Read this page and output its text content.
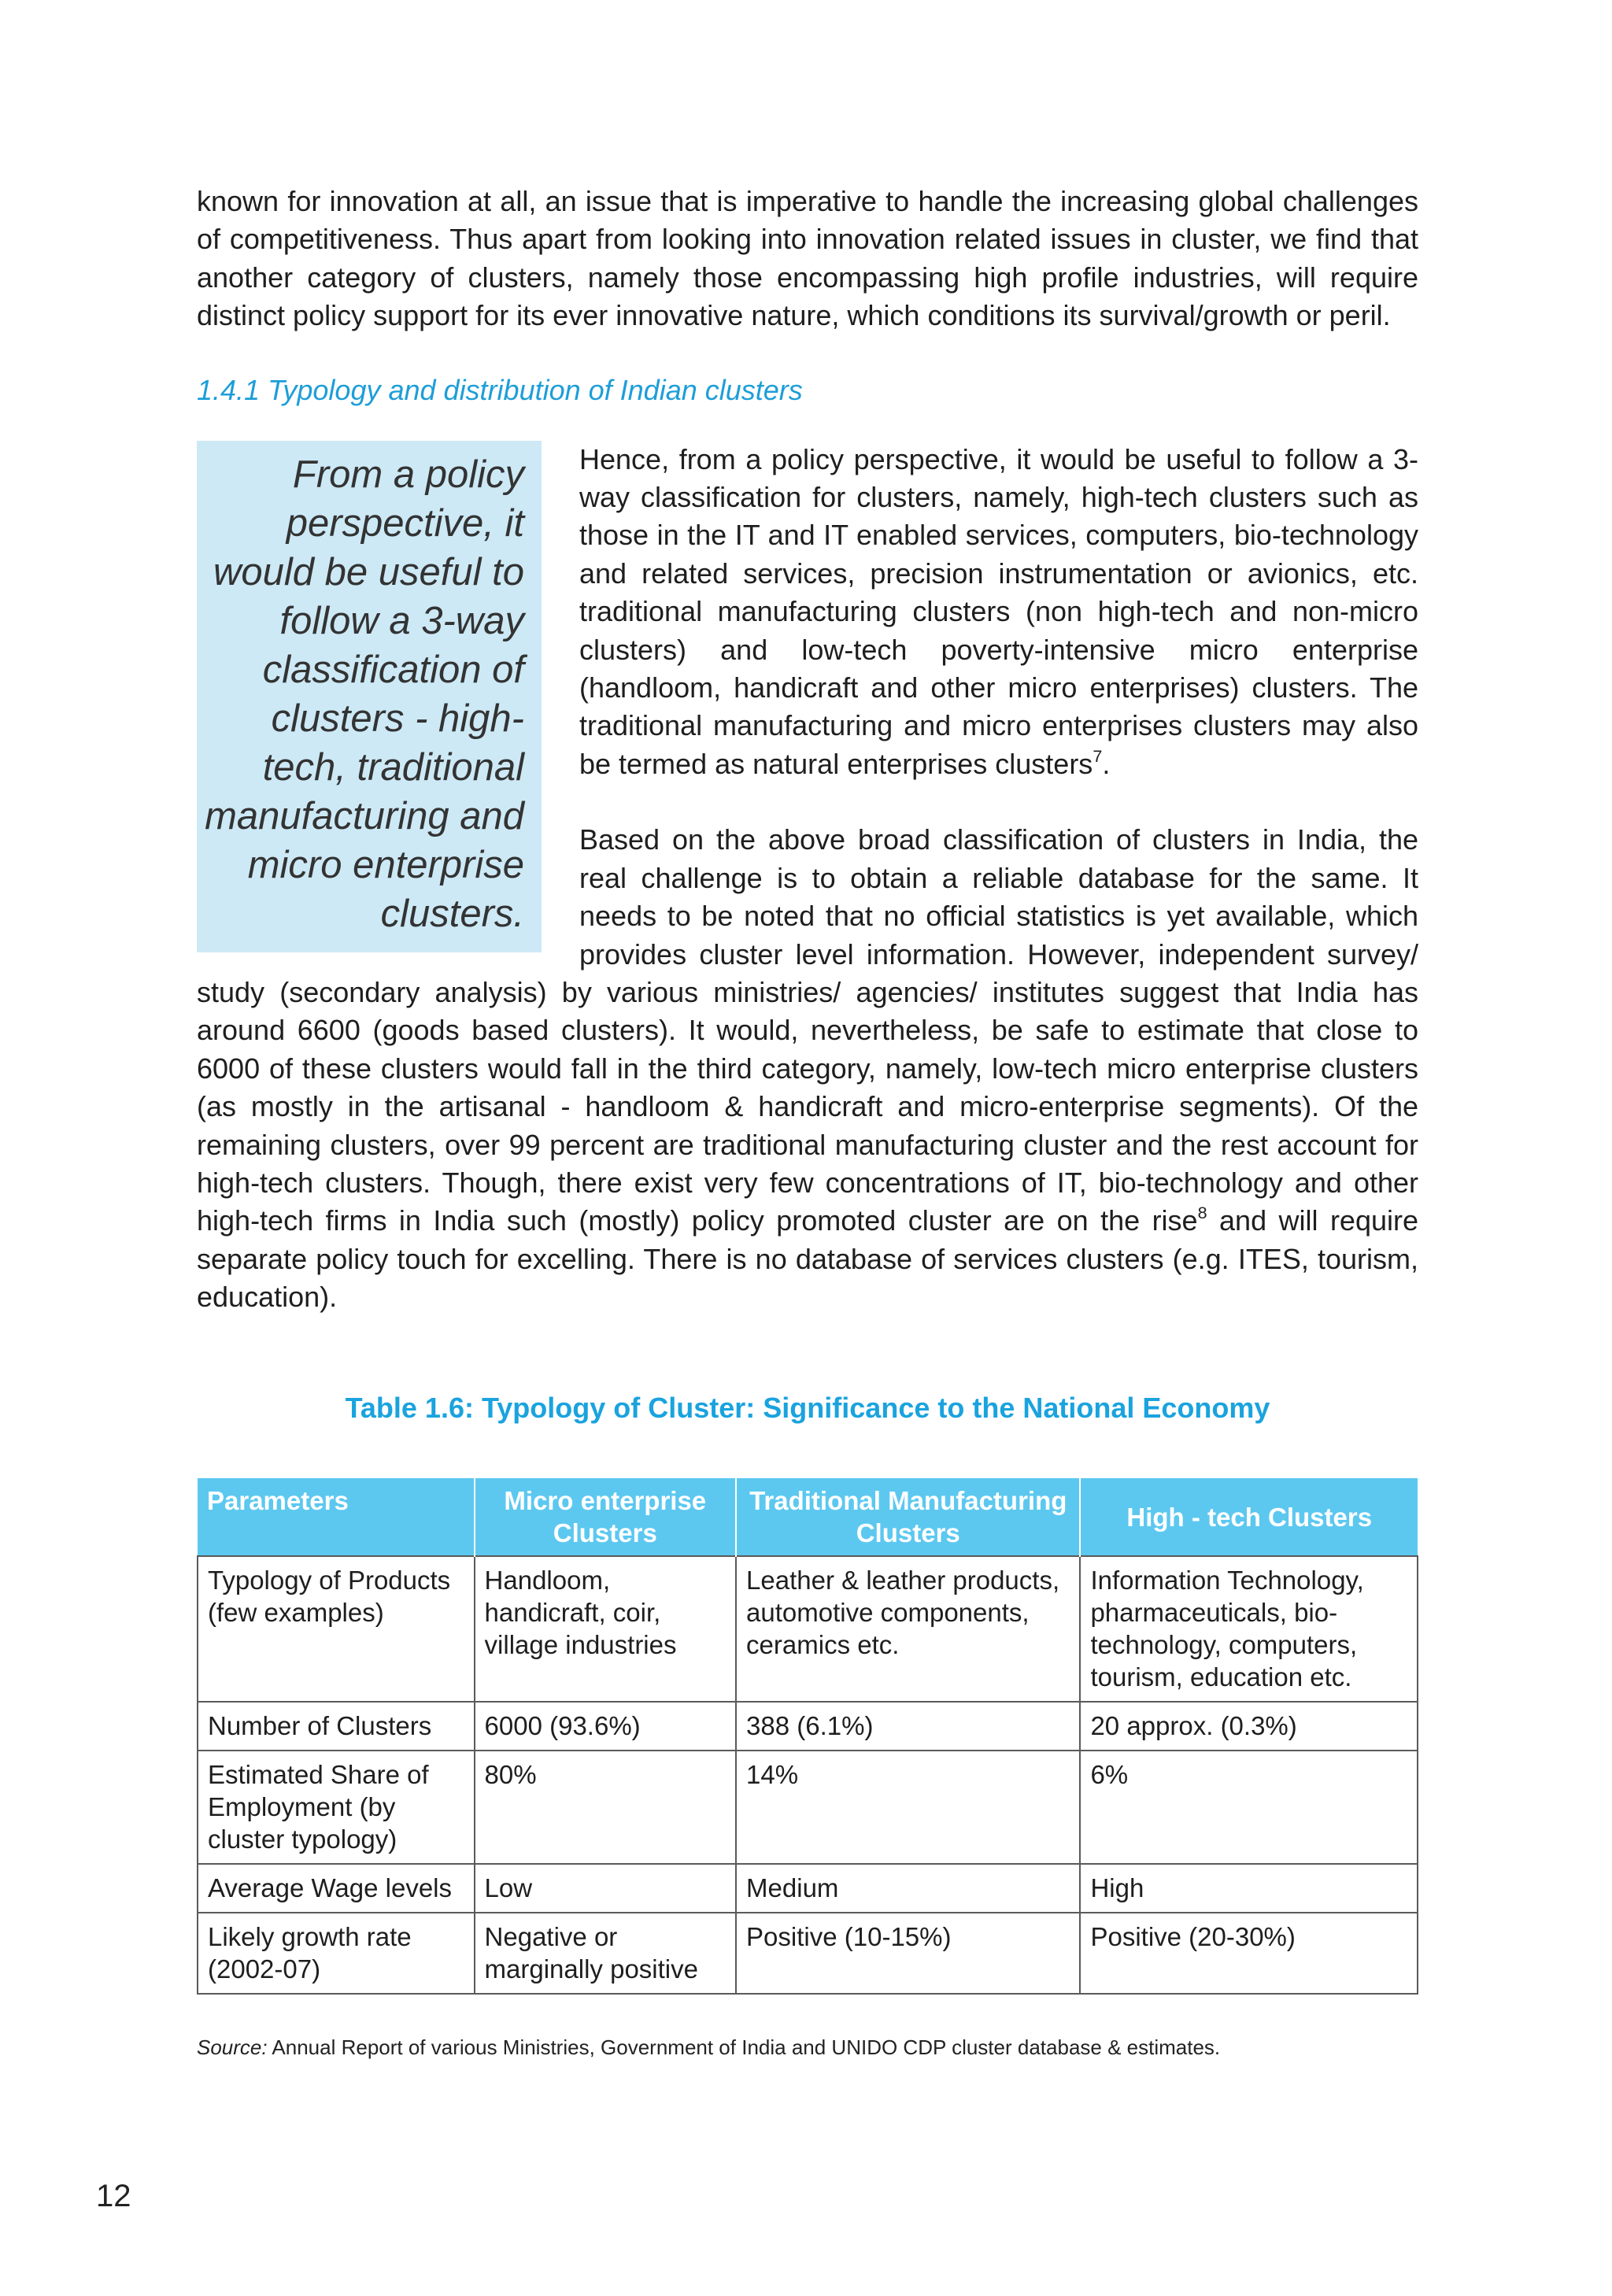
known for innovation at all, an issue that is imperative to handle the increasing global challenges of competitiveness. Thus apart from looking into innovation related issues in cluster, we find that another category of clusters, namely those encompassing high profile industries, will require distinct policy support for its ever innovative nature, which conditions its survival/growth or peril.

1.4.1 Typology and distribution of Indian clusters
From a policy perspective, it would be useful to follow a 3-way classification of clusters - high-tech, traditional manufacturing and micro enterprise clusters.

Hence, from a policy perspective, it would be useful to follow a 3-way classification for clusters, namely, high-tech clusters such as those in the IT and IT enabled services, computers, bio-technology and related services, precision instrumentation or avionics, etc. traditional manufacturing clusters (non high-tech and non-micro clusters) and low-tech poverty-intensive micro enterprise (handloom, handicraft and other micro enterprises) clusters. The traditional manufacturing and micro enterprises clusters may also be termed as natural enterprises clusters$^7$.

Based on the above broad classification of clusters in India, the real challenge is to obtain a reliable database for the same. It needs to be noted that no official statistics is yet available, which provides cluster level information. However, independent survey/ study (secondary analysis) by various ministries/ agencies/ institutes suggest that India has around 6600 (goods based clusters). It would, nevertheless, be safe to estimate that close to 6000 of these clusters would fall in the third category, namely, low-tech micro enterprise clusters (as mostly in the artisanal - handloom & handicraft and micro-enterprise segments). Of the remaining clusters, over 99 percent are traditional manufacturing cluster and the rest account for high-tech clusters. Though, there exist very few concentrations of IT, bio-technology and other high-tech firms in India such (mostly) policy promoted cluster are on the rise$^8$ and will require separate policy touch for excelling. There is no database of services clusters (e.g. ITES, tourism, education).

Table 1.6: Typology of Cluster: Significance to the National Economy
Parameters	Micro enterprise Clusters	Traditional Manufacturing Clusters	High - tech Clusters
Typology of Products (few examples)	Handloom, handicraft, coir, village industries	Leather & leather products, automotive components, ceramics etc.	Information Technology, pharmaceuticals, bio-technology, computers, tourism, education etc.
Number of Clusters	6000 (93.6%)	388 (6.1%)	20 approx. (0.3%)
Estimated Share of Employment (by cluster typology)	80%	14%	6%
Average Wage levels	Low	Medium	High
Likely growth rate (2002-07)	Negative or marginally positive	Positive (10-15%)	Positive (20-30%)
Source: Annual Report of various Ministries, Government of India and UNIDO CDP cluster database & estimates.
12
